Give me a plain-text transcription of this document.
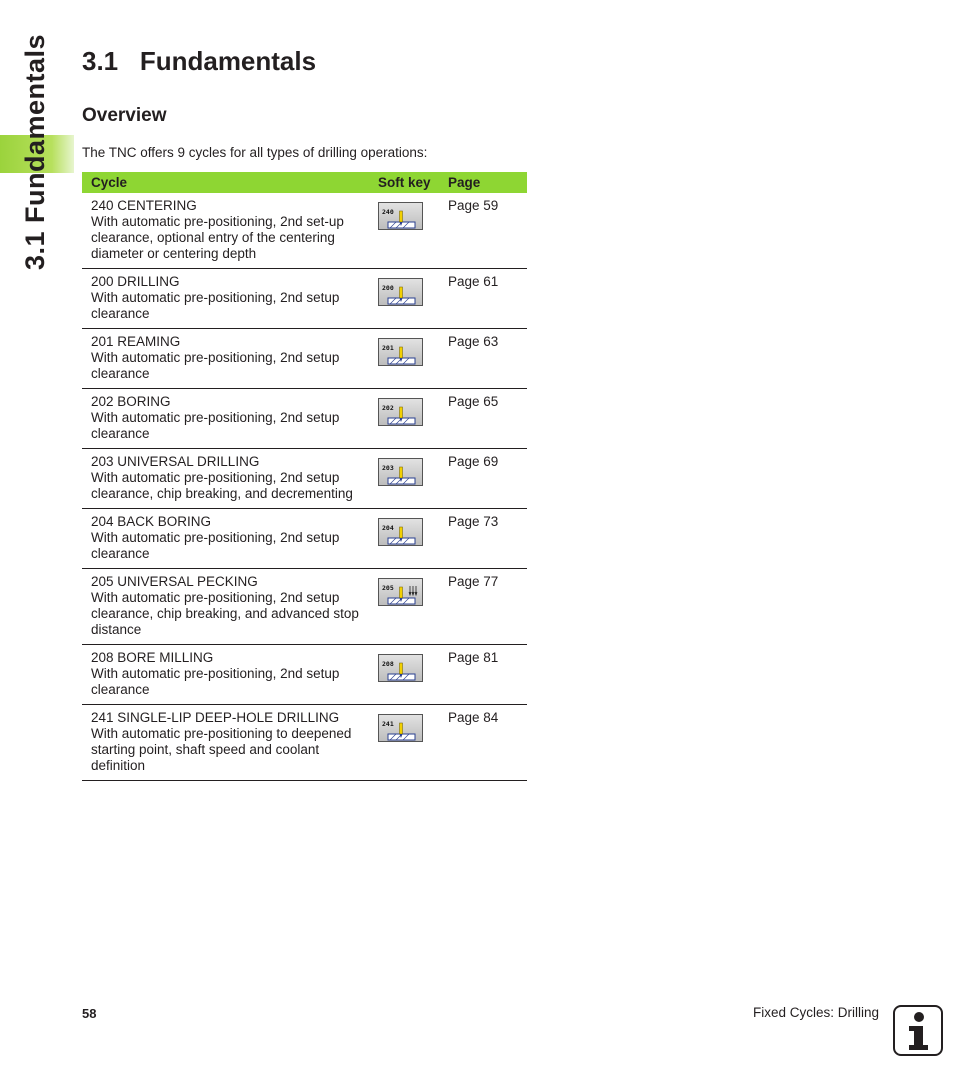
3.1 Fundamentals 3.1 Fundamentals
Overview
The TNC offers 9 cycles for all types of drilling operations:
Cycle	Soft key	Page

240 CENTERING
With automatic pre-positioning, 2nd set-up clearance, optional entry of the centering diameter or centering depth	240	Page 59

200 DRILLING
With automatic pre-positioning, 2nd setup clearance	200	Page 61

201 REAMING
With automatic pre-positioning, 2nd setup clearance	201	Page 63

202 BORING
With automatic pre-positioning, 2nd setup clearance	202	Page 65

203 UNIVERSAL DRILLING
With automatic pre-positioning, 2nd setup clearance, chip breaking, and decrementing	203	Page 69

204 BACK BORING
With automatic pre-positioning, 2nd setup clearance	204	Page 73

205 UNIVERSAL PECKING
With automatic pre-positioning, 2nd setup clearance, chip breaking, and advanced stop distance	205	Page 77

208 BORE MILLING
With automatic pre-positioning, 2nd setup clearance	208	Page 81

241 SINGLE-LIP DEEP-HOLE DRILLING
With automatic pre-positioning to deepened starting point, shaft speed and coolant definition	241	Page 84
58	Fixed Cycles: Drilling
